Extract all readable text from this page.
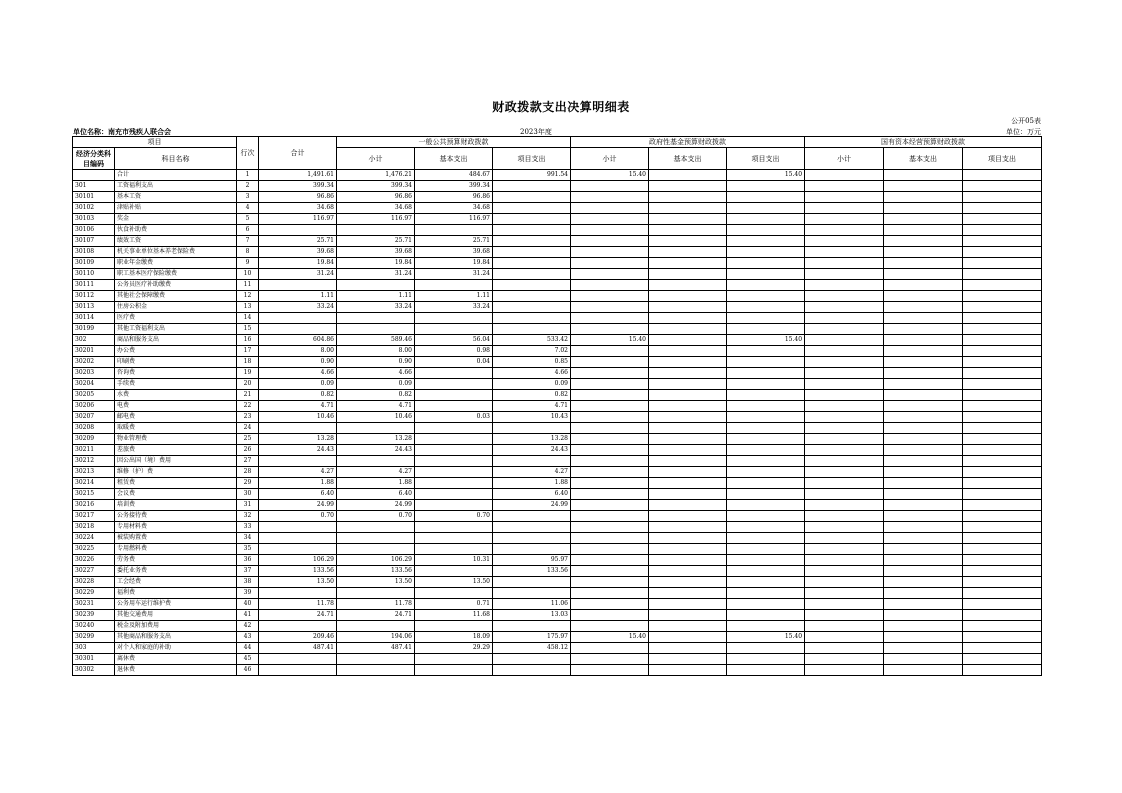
财政拨款支出决算明细表
公开05表
单位名称：南充市残疾人联合会	2023年度	单位：万元
项目		行次	合计	一般公共预算财政拨款			政府性基金预算财政拨款			国有资本经营预算财政拨款		
经济分类科目编码	科目名称			小计	基本支出	项目支出	小计	基本支出	项目支出	小计	基本支出	项目支出
	合计	1	1,491.61	1,476.21	484.67	991.54	15.40		15.40			
301	工资福利支出	2	399.34	399.34	399.34							
30101	基本工资	3	96.86	96.86	96.86							
30102	津贴补贴	4	34.68	34.68	34.68							
30103	奖金	5	116.97	116.97	116.97							
30106	伙食补助费	6										
30107	绩效工资	7	25.71	25.71	25.71							
30108	机关事业单位基本养老保险费	8	39.68	39.68	39.68							
30109	职业年金缴费	9	19.84	19.84	19.84							
30110	职工基本医疗保险缴费	10	31.24	31.24	31.24							
30111	公务员医疗补助缴费	11										
30112	其他社会保障缴费	12	1.11	1.11	1.11							
30113	住房公积金	13	33.24	33.24	33.24							
30114	医疗费	14										
30199	其他工资福利支出	15										
302	商品和服务支出	16	604.86	589.46	56.04	533.42	15.40		15.40			
30201	办公费	17	8.00	8.00	0.98	7.02						
30202	印刷费	18	0.90	0.90	0.04	0.85						
30203	咨询费	19	4.66	4.66		4.66						
30204	手续费	20	0.09	0.09		0.09						
30205	水费	21	0.82	0.82		0.82						
30206	电费	22	4.71	4.71		4.71						
30207	邮电费	23	10.46	10.46	0.03	10.43						
30208	取暖费	24										
30209	物业管理费	25	13.28	13.28		13.28						
30211	差旅费	26	24.43	24.43		24.43						
30212	因公出国（境）费用	27										
30213	维修（护）费	28	4.27	4.27		4.27						
30214	租赁费	29	1.88	1.88		1.88						
30215	会议费	30	6.40	6.40		6.40						
30216	培训费	31	24.99	24.99		24.99						
30217	公务接待费	32	0.70	0.70	0.70							
30218	专用材料费	33										
30224	被装购置费	34										
30225	专用燃料费	35										
30226	劳务费	36	106.29	106.29	10.31	95.97						
30227	委托业务费	37	133.56	133.56		133.56						
30228	工会经费	38	13.50	13.50	13.50							
30229	福利费	39										
30231	公务用车运行维护费	40	11.78	11.78	0.71	11.06						
30239	其他交通费用	41	24.71	24.71	11.68	13.03						
30240	税金及附加费用	42										
30299	其他商品和服务支出	43	209.46	194.06	18.09	175.97	15.40		15.40			
303	对个人和家庭的补助	44	487.41	487.41	29.29	458.12						
30301	离休费	45										
30302	退休费	46										
